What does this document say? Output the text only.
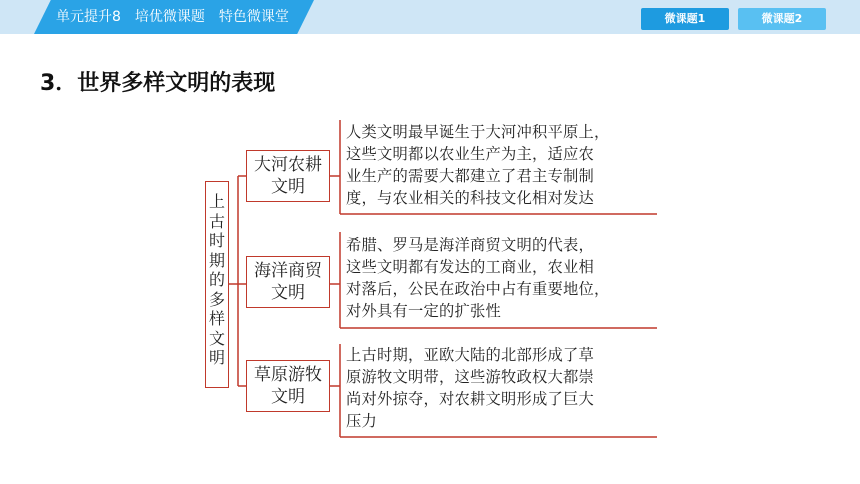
单元提升8　培优微课题　特色微课堂	微课题1	微课题2
3．世界多样文明的表现
上古时期的多样文明
大河农耕
文明
人类文明最早诞生于大河冲积平原上，
这些文明都以农业生产为主，适应农
业生产的需要大都建立了君主专制制
度，与农业相关的科技文化相对发达
海洋商贸
文明
希腊、罗马是海洋商贸文明的代表，
这些文明都有发达的工商业，农业相
对落后，公民在政治中占有重要地位，
对外具有一定的扩张性
草原游牧
文明
上古时期，亚欧大陆的北部形成了草
原游牧文明带，这些游牧政权大都崇
尚对外掠夺，对农耕文明形成了巨大
压力
